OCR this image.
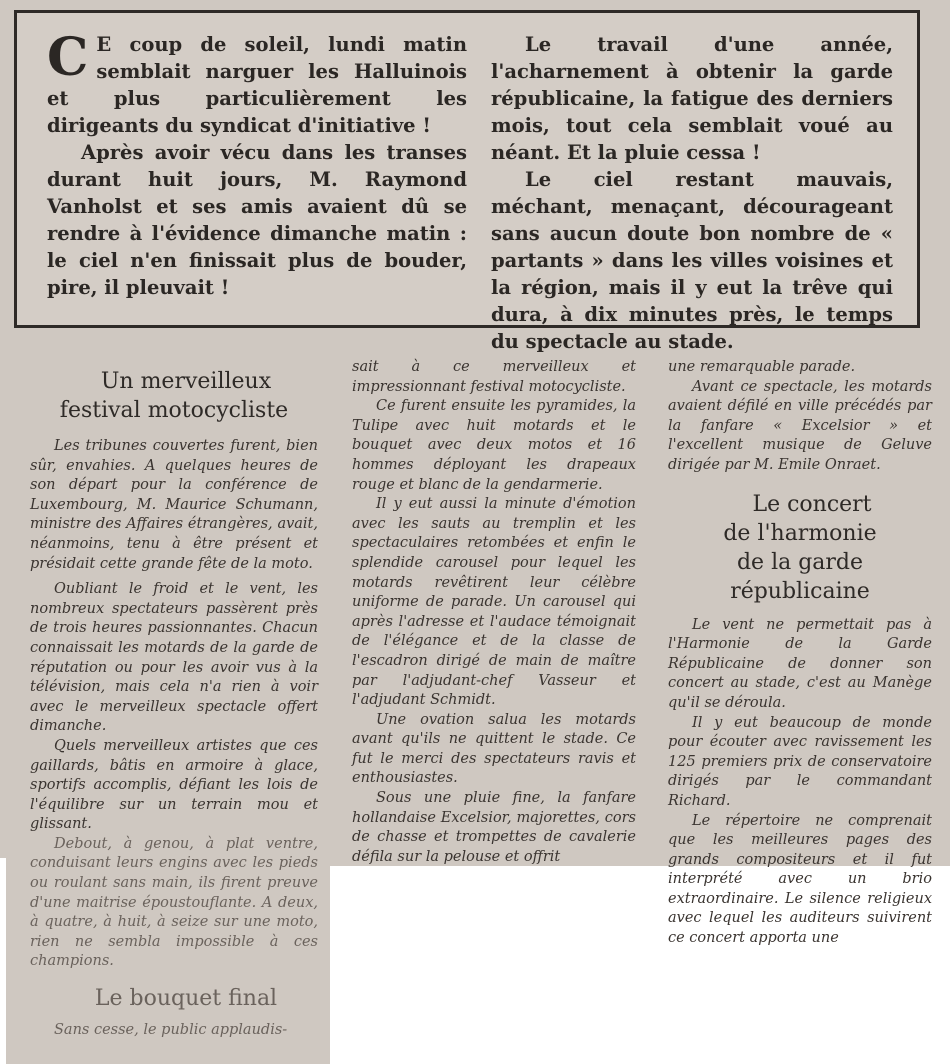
C E coup de soleil, lundi matin semblait narguer les Halluinois et plus particulièrement les dirigeants du syndicat d'initiative !

Après avoir vécu dans les transes durant huit jours, M. Raymond Vanholst et ses amis avaient dû se rendre à l'évidence dimanche matin : le ciel n'en finissait plus de bouder, pire, il pleuvait !

Le travail d'une année, l'acharnement à obtenir la garde républicaine, la fatigue des derniers mois, tout cela semblait voué au néant. Et la pluie cessa !

Le ciel restant mauvais, méchant, menaçant, décourageant sans aucun doute bon nombre de « partants » dans les villes voisines et la région, mais il y eut la trêve qui dura, à dix minutes près, le temps du spectacle au stade.

Un merveilleux
festival motocycliste

Les tribunes couvertes furent, bien sûr, envahies. A quelques heures de son départ pour la conférence de Luxembourg, M. Maurice Schumann, ministre des Affaires étrangères, avait, néanmoins, tenu à être présent et présidait cette grande fête de la moto.

Oubliant le froid et le vent, les nombreux spectateurs passèrent près de trois heures passionnantes. Chacun connaissait les motards de la garde de réputation ou pour les avoir vus à la télévision, mais cela n'a rien à voir avec le merveilleux spectacle offert dimanche.

Quels merveilleux artistes que ces gaillards, bâtis en armoire à glace, sportifs accomplis, défiant les lois de l'équilibre sur un terrain mou et glissant.

Debout, à genou, à plat ventre, conduisant leurs engins avec les pieds ou roulant sans main, ils firent preuve d'une maitrise époustouflante. A deux, à quatre, à huit, à seize sur une moto, rien ne sembla impossible à ces champions.

Le bouquet final

Sans cesse, le public applaudis-

sait à ce merveilleux et impressionnant festival motocycliste.

Ce furent ensuite les pyramides, la Tulipe avec huit motards et le bouquet avec deux motos et 16 hommes déployant les drapeaux rouge et blanc de la gendarmerie.

Il y eut aussi la minute d'émotion avec les sauts au tremplin et les spectaculaires retombées et enfin le splendide carousel pour lequel les motards revêtirent leur célèbre uniforme de parade. Un carousel qui après l'adresse et l'audace témoignait de l'élégance et de la classe de l'escadron dirigé de main de maître par l'adjudant-chef Vasseur et l'adjudant Schmidt.

Une ovation salua les motards avant qu'ils ne quittent le stade. Ce fut le merci des spectateurs ravis et enthousiastes.

Sous une pluie fine, la fanfare hollandaise Excelsior, majorettes, cors de chasse et trompettes de cavalerie défila sur la pelouse et offrit

une remarquable parade.

Avant ce spectacle, les motards avaient défilé en ville précédés par la fanfare « Excelsior » et l'excellent musique de Geluve dirigée par M. Emile Onraet.

Le concert
de l'harmonie
de la garde républicaine

Le vent ne permettait pas à l'Harmonie de la Garde Républicaine de donner son concert au stade, c'est au Manège qu'il se déroula.

Il y eut beaucoup de monde pour écouter avec ravissement les 125 premiers prix de conservatoire dirigés par le commandant Richard.

Le répertoire ne comprenait que les meilleures pages des grands compositeurs et il fut interprété avec un brio extraordinaire. Le silence religieux avec lequel les auditeurs suivirent ce concert apporta une
